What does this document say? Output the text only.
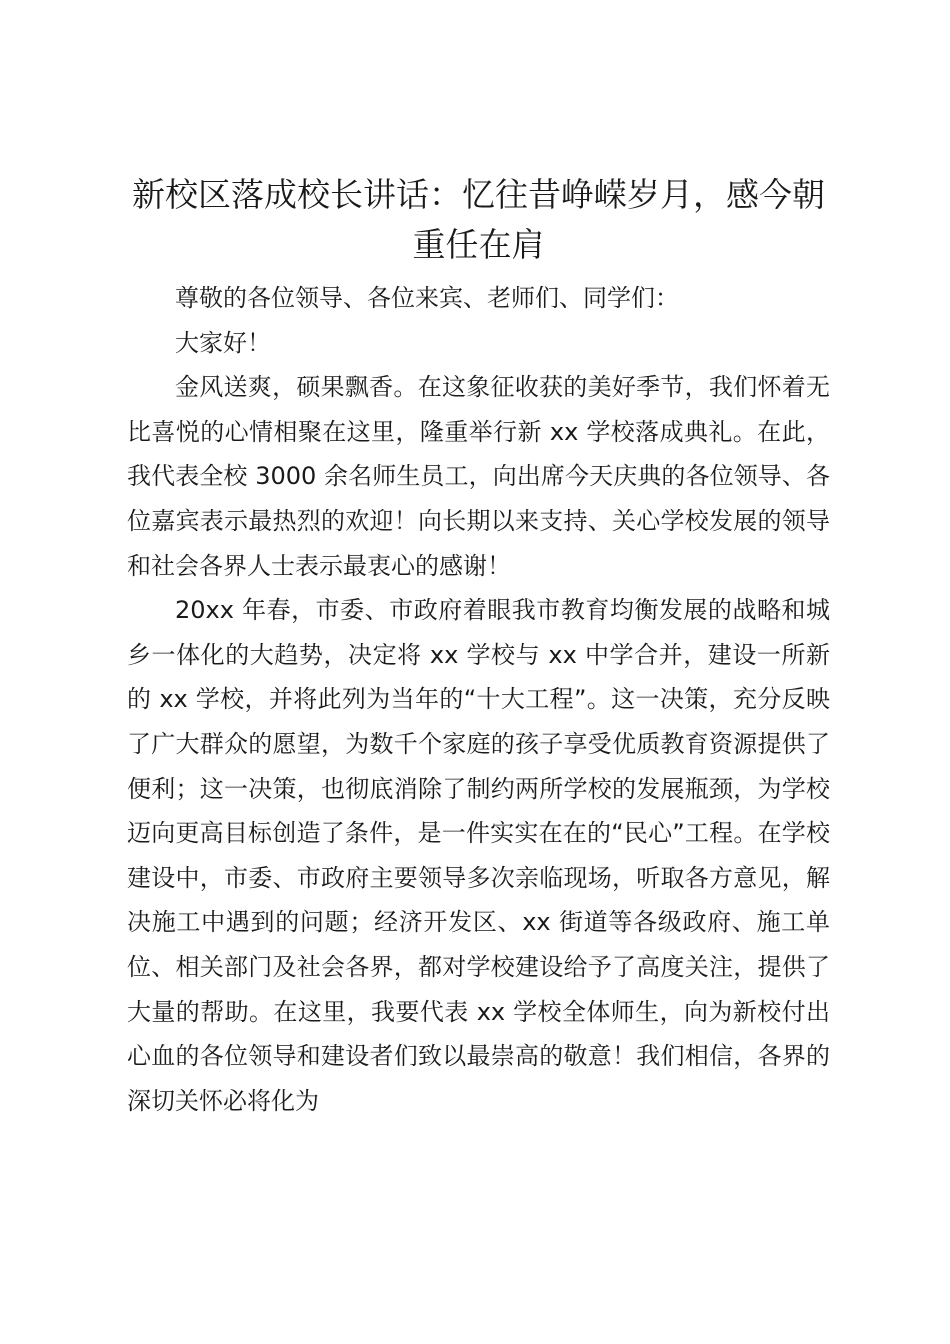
新校区落成校长讲话：忆往昔峥嵘岁月，感今朝重任在肩

尊敬的各位领导、各位来宾、老师们、同学们：

大家好！

金风送爽，硕果飘香。在这象征收获的美好季节，我们怀着无比喜悦的心情相聚在这里，隆重举行新 xx 学校落成典礼。在此，我代表全校 3000 余名师生员工，向出席今天庆典的各位领导、各位嘉宾表示最热烈的欢迎！向长期以来支持、关心学校发展的领导和社会各界人士表示最衷心的感谢！

20xx 年春，市委、市政府着眼我市教育均衡发展的战略和城乡一体化的大趋势，决定将 xx 学校与 xx 中学合并，建设一所新的 xx 学校，并将此列为当年的“十大工程”。这一决策，充分反映了广大群众的愿望，为数千个家庭的孩子享受优质教育资源提供了便利；这一决策，也彻底消除了制约两所学校的发展瓶颈，为学校迈向更高目标创造了条件，是一件实实在在的“民心”工程。在学校建设中，市委、市政府主要领导多次亲临现场，听取各方意见，解决施工中遇到的问题；经济开发区、xx 街道等各级政府、施工单位、相关部门及社会各界，都对学校建设给予了高度关注，提供了大量的帮助。在这里，我要代表 xx 学校全体师生，向为新校付出心血的各位领导和建设者们致以最崇高的敬意！我们相信，各界的深切关怀必将化为
